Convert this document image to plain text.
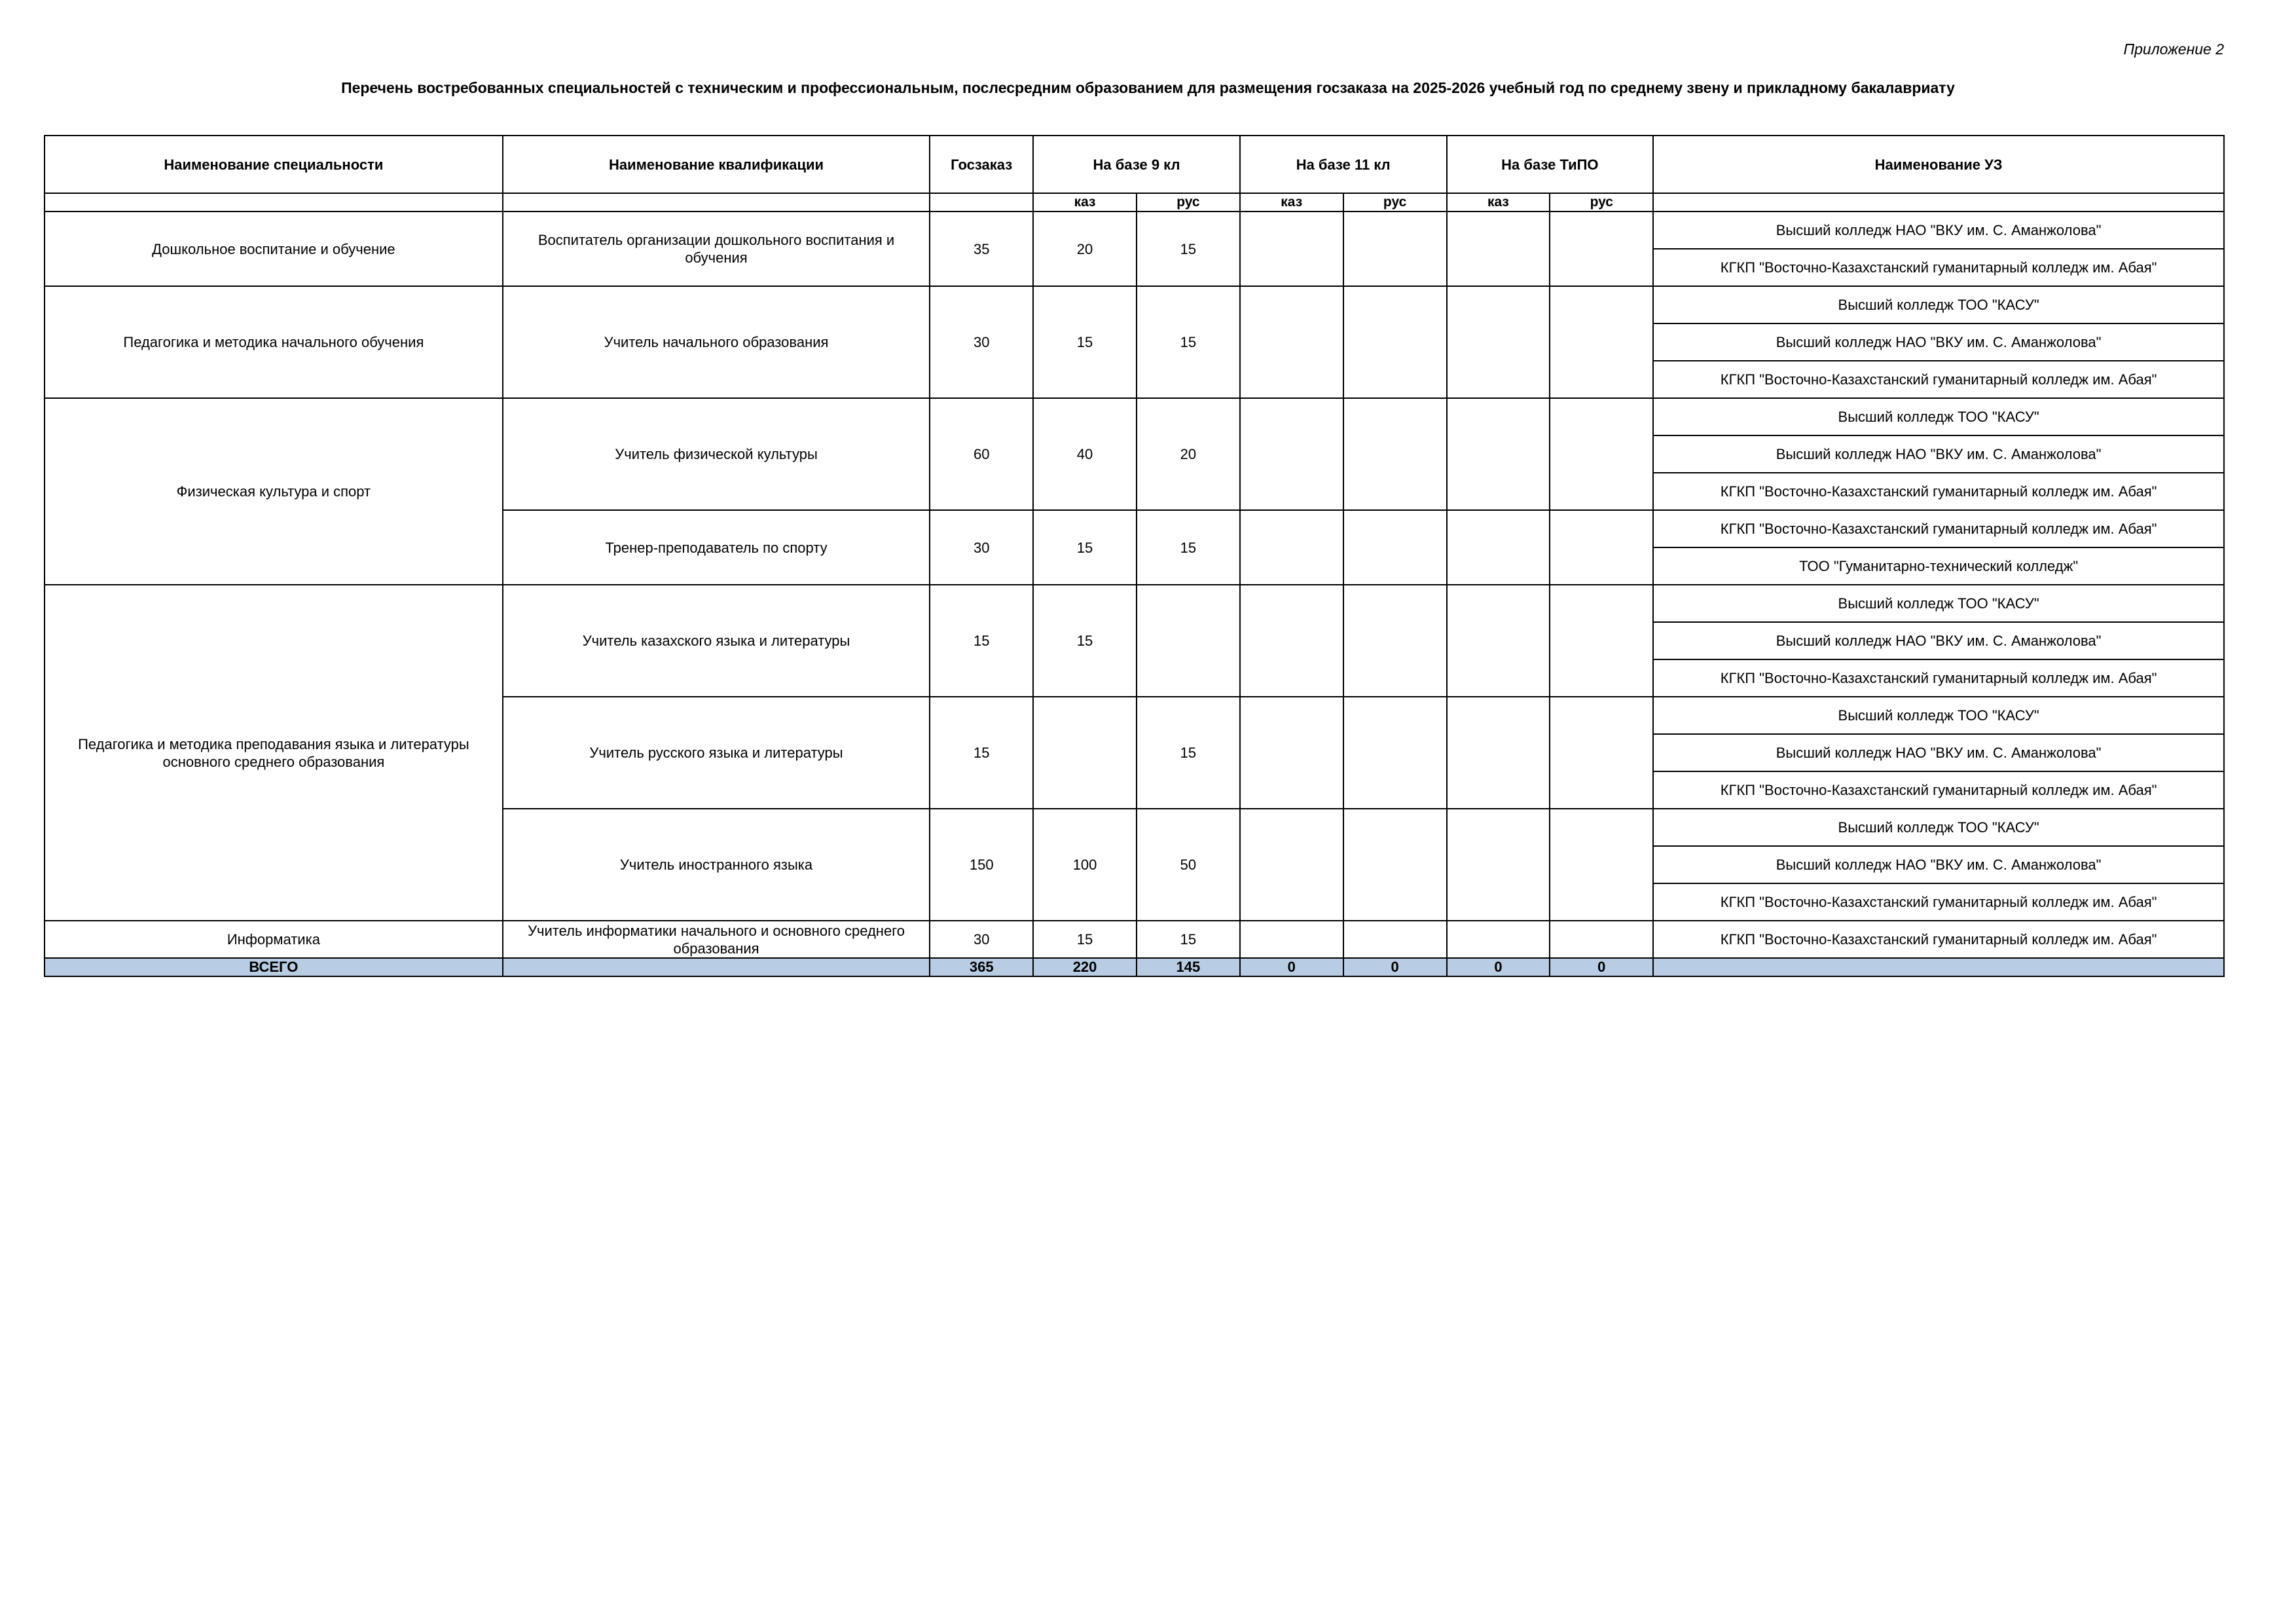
Приложение 2
Перечень востребованных специальностей с техническим и профессиональным, послесредним образованием для размещения госзаказа на 2025-2026 учебный год по среднему звену и прикладному бакалавриату
Наименование специальности	Наименование квалификации	Госзаказ	На базе 9 кл		На базе 11 кл		На базе ТиПО		Наименование УЗ
			каз	рус	каз	рус	каз	рус	
Дошкольное воспитание и обучение	Воспитатель организации дошкольного воспитания и обучения	35	20	15					Высший колледж НАО "ВКУ им. С. Аманжолова"
									КГКП "Восточно-Казахстанский гуманитарный колледж им. Абая"
Педагогика и методика начального обучения	Учитель начального образования	30	15	15					Высший колледж ТОО "КАСУ"
									Высший колледж НАО "ВКУ им. С. Аманжолова"
									КГКП "Восточно-Казахстанский гуманитарный колледж им. Абая"
Физическая культура и спорт	Учитель физической культуры	60	40	20					Высший колледж ТОО "КАСУ"
									Высший колледж НАО "ВКУ им. С. Аманжолова"
									КГКП "Восточно-Казахстанский гуманитарный колледж им. Абая"
	Тренер-преподаватель по спорту	30	15	15					КГКП "Восточно-Казахстанский гуманитарный колледж им. Абая"
									ТОО "Гуманитарно-технический колледж"
Педагогика и методика преподавания языка и литературы основного среднего образования	Учитель казахского языка и литературы	15	15						Высший колледж ТОО "КАСУ"
									Высший колледж НАО "ВКУ им. С. Аманжолова"
									КГКП "Восточно-Казахстанский гуманитарный колледж им. Абая"
	Учитель русского языка и литературы	15		15					Высший колледж ТОО "КАСУ"
									Высший колледж НАО "ВКУ им. С. Аманжолова"
									КГКП "Восточно-Казахстанский гуманитарный колледж им. Абая"
	Учитель иностранного языка	150	100	50					Высший колледж ТОО "КАСУ"
									Высший колледж НАО "ВКУ им. С. Аманжолова"
									КГКП "Восточно-Казахстанский гуманитарный колледж им. Абая"
Информатика	Учитель информатики начального и основного среднего образования	30	15	15					КГКП "Восточно-Казахстанский гуманитарный колледж им. Абая"
ВСЕГО		365	220	145	0	0	0	0	
